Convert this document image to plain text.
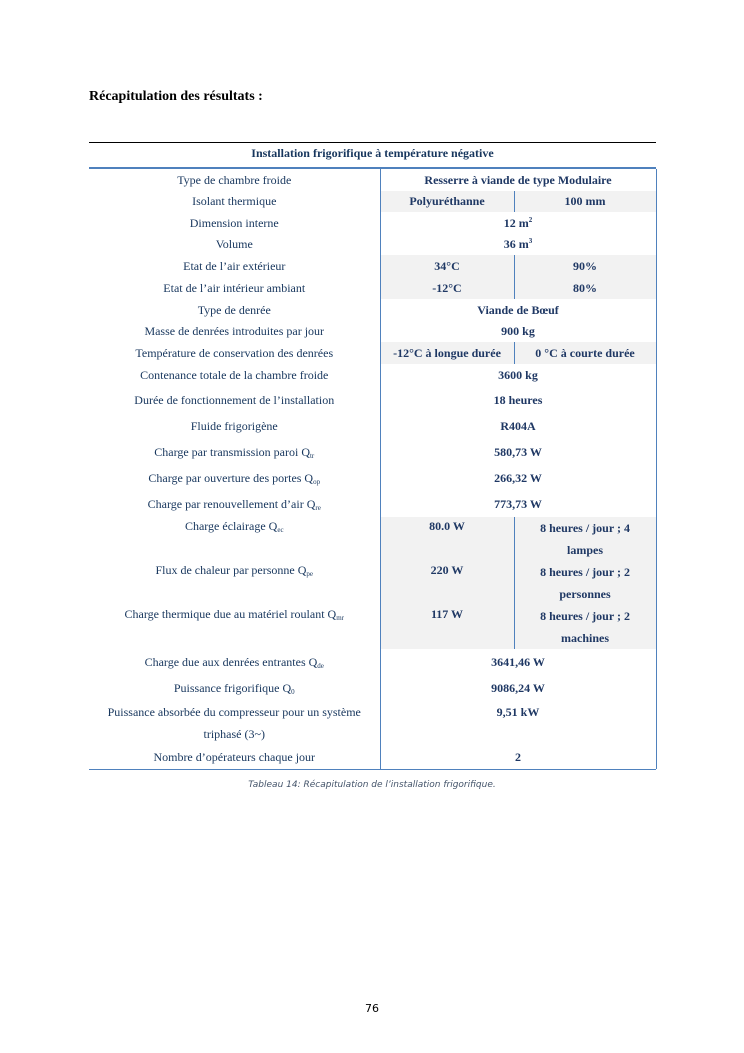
Récapitulation des résultats :
Installation frigorifique à température négative
Type de chambre froide	Resserre à viande de type Modulaire	
Isolant thermique	Polyuréthanne	100 mm
Dimension interne	12 $m^2$
Volume	36 $m^3$
Etat de l’air extérieur	34°C	90%
Etat de l’air intérieur ambiant	-12°C	80%
Type de denrée	Viande de Bœuf	
Masse de denrées introduites par jour	900 kg	
Température de conservation des denrées	-12°C à longue durée	0 °C à courte durée
Contenance totale de la chambre froide	3600 kg	
Durée de fonctionnement de l’installation	18 heures	
Fluide frigorigène	R404A	
Charge par transmission paroi $Q_{tr}$	580,73 W	
Charge par ouverture des portes $Q_{op}$	266,32 W	
Charge par renouvellement d’air $Q_{re}$	773,73 W	
Charge éclairage $Q_{ec}$	80.0 W	8 heures / jour ; 4
lampes

Flux de chaleur par personne $Q_{pe}$	220 W	8 heures / jour ; 2
personnes

Charge thermique due au matériel roulant $Q_{mr}$	117 W	8 heures / jour ; 2
machines

Charge due aux denrées entrantes $Q_{de}$	3641,46 W	
Puissance frigorifique $Q_0$	9086,24 W	

Puissance absorbée du compresseur pour un système
triphasé (3~)	9,51 kW	
Nombre d’opérateurs chaque jour	2	
Tableau 14: Récapitulation de l’installation frigorifique.
76
